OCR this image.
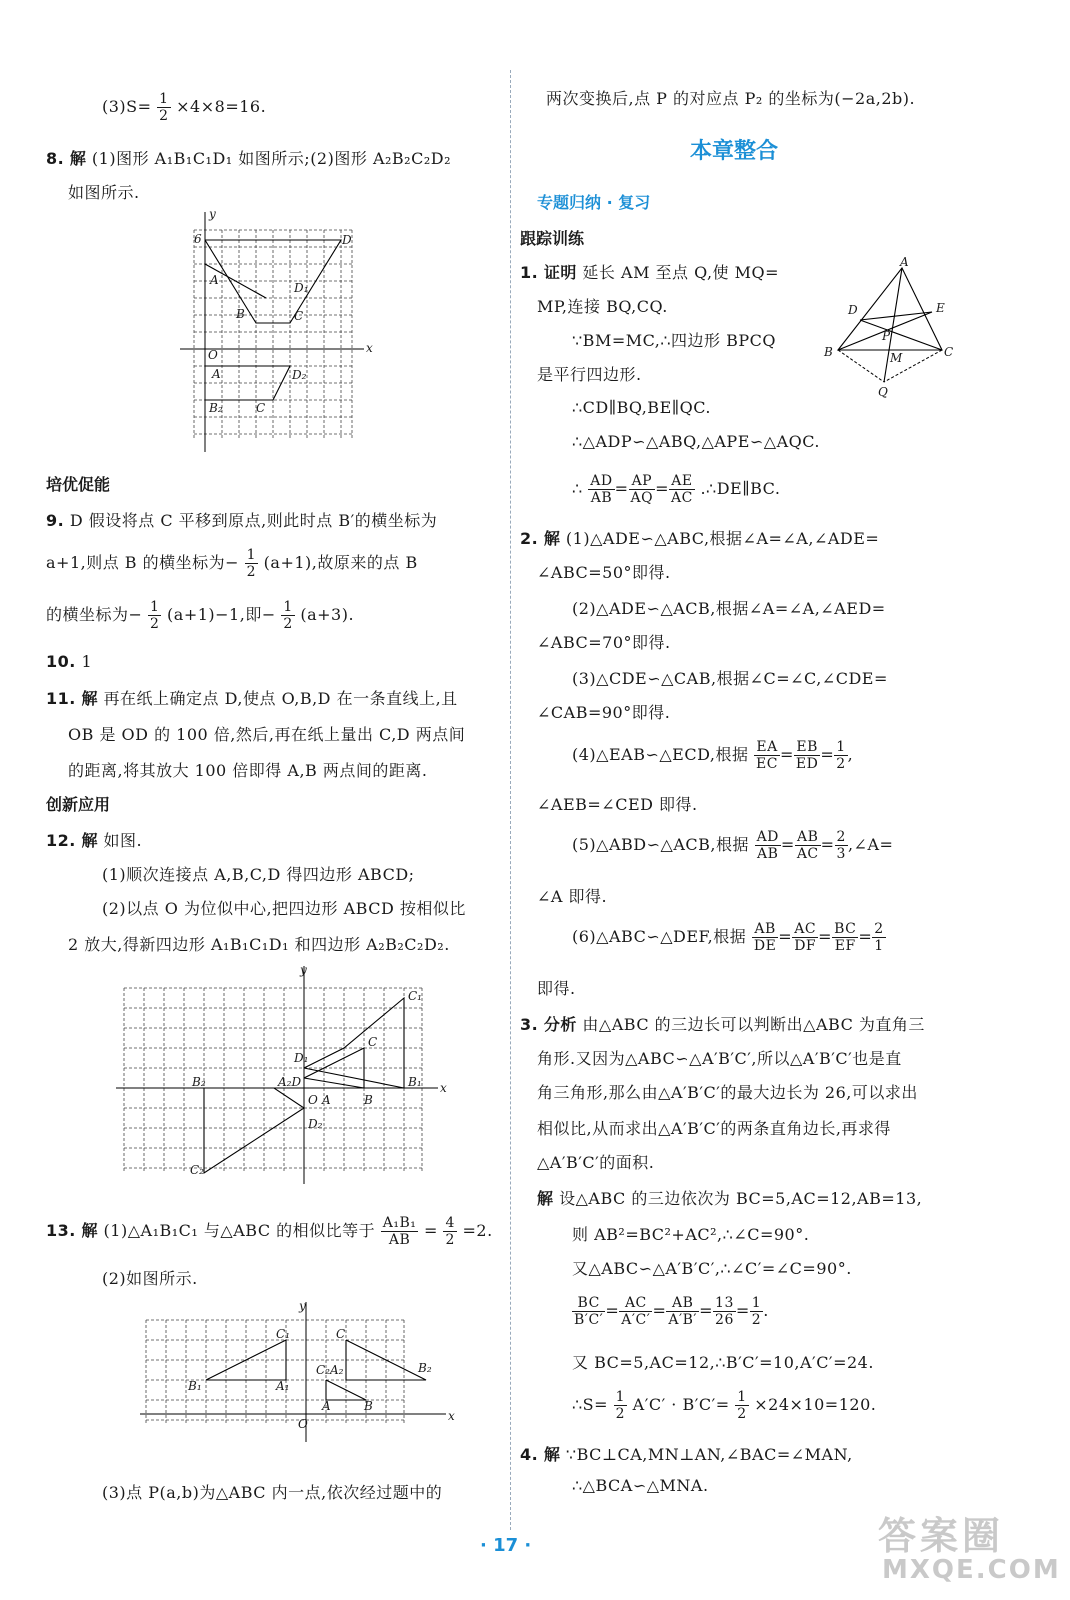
$(3)S= \frac{1}{2} \times 4\times 8=16$.
8. 解 (1)图形 A₁B₁C₁D₁ 如图所示;(2)图形 A₂B₂C₂D₂
如图所示.
y
x
O
6	D
B	C
A
D₁
A	D₂
C
B₂
培优促能
9. D 假设将点 C 平移到原点,则此时点 B′的横坐标为
a+1,则点 B 的横坐标为− $\frac{1}{2} (a+1)$,故原来的点 B
的横坐标为− $\frac{1}{2} (a+1)-1$,即− $\frac{1}{2} (a+3)$.
10. 1
11. 解 再在纸上确定点 D,使点 O,B,D 在一条直线上,且
OB 是 OD 的 100 倍,然后,再在纸上量出 C,D 两点间
的距离,将其放大 100 倍即得 A,B 两点间的距离.
创新应用
12. 解 如图.
(1)顺次连接点 A,B,C,D 得四边形 ABCD;
(2)以点 O 为位似中心,把四边形 ABCD 按相似比
2 放大,得新四边形 A₁B₁C₁D₁ 和四边形 A₂B₂C₂D₂.
y
x
O
C₁
C
D₁
B₂	A₂D	B₁
A	B
D₂
C₂
13. 解 (1)△A₁B₁C₁ 与△ABC 的相似比等于 $\frac{\text{A₁B₁}}{AB} = \frac{4}{2} =2$.
(2)如图所示.
y
x
O
C₁	C
C₂A₂	B₂
B₁	A₁
A	B
(3)点 P(a,b)为△ABC 内一点,依次经过题中的
两次变换后,点 P 的对应点 P₂ 的坐标为(−2a,2b).
本章整合
专题归纳 · 复习
跟踪训练
1. 证明 延长 AM 至点 Q,使 MQ=
MP,连接 BQ,CQ.
∵BM=MC,∴四边形 BPCQ
是平行四边形.
A
D	E
P
M
B	C
Q
∴CD∥BQ,BE∥QC.
∴△ADP∽△ABQ,△APE∽△AQC.
∴ $\frac{AD}{AB} = \frac{AP}{AQ} = \frac{AE}{AC}$ .∴DE∥BC.
2. 解 (1)△ADE∽△ABC,根据∠A=∠A,∠ADE=
∠ABC=50°即得.
(2)△ADE∽△ACB,根据∠A=∠A,∠AED=
∠ABC=70°即得.
(3)△CDE∽△CAB,根据∠C=∠C,∠CDE=
∠CAB=90°即得.
(4)△EAB∽△ECD,根据 $\frac{EA}{EC} = \frac{EB}{ED} = \frac{1}{2}$ ,
∠AEB=∠CED 即得.
(5)△ABD∽△ACB,根据 $\frac{AD}{AB} = \frac{AB}{AC} = \frac{2}{3}$ ,∠A=
∠A 即得.
(6)△ABC∽△DEF,根据 $\frac{AB}{DE} = \frac{AC}{DF} = \frac{BC}{EF} = \frac{2}{1}$
即得.
3. 分析 由△ABC 的三边长可以判断出△ABC 为直角三
角形.又因为△ABC∽△A′B′C′,所以△A′B′C′也是直
角三角形,那么由△A′B′C′的最大边长为 26,可以求出
相似比,从而求出△A′B′C′的两条直角边长,再求得
△A′B′C′的面积.
解 设△ABC 的三边依次为 BC=5,AC=12,AB=13,
则 AB²=BC²+AC²,∴∠C=90°.
又△ABC∽△A′B′C′,∴∠C′=∠C=90°.
$\frac{BC}{B'C'} = \frac{AC}{A'C'} = \frac{AB}{A'B'} = \frac{13}{26} = \frac{1}{2}$ .
又 BC=5,AC=12,∴B′C′=10,A′C′=24.
∴S= $\frac{1}{2} A'C' \cdot B'C'= \frac{1}{2} \times 24\times 10=120$.
4. 解 ∵BC⊥CA,MN⊥AN,∠BAC=∠MAN,
∴△BCA∽△MNA.
· 17 ·	答案圈
MXQE.COM
